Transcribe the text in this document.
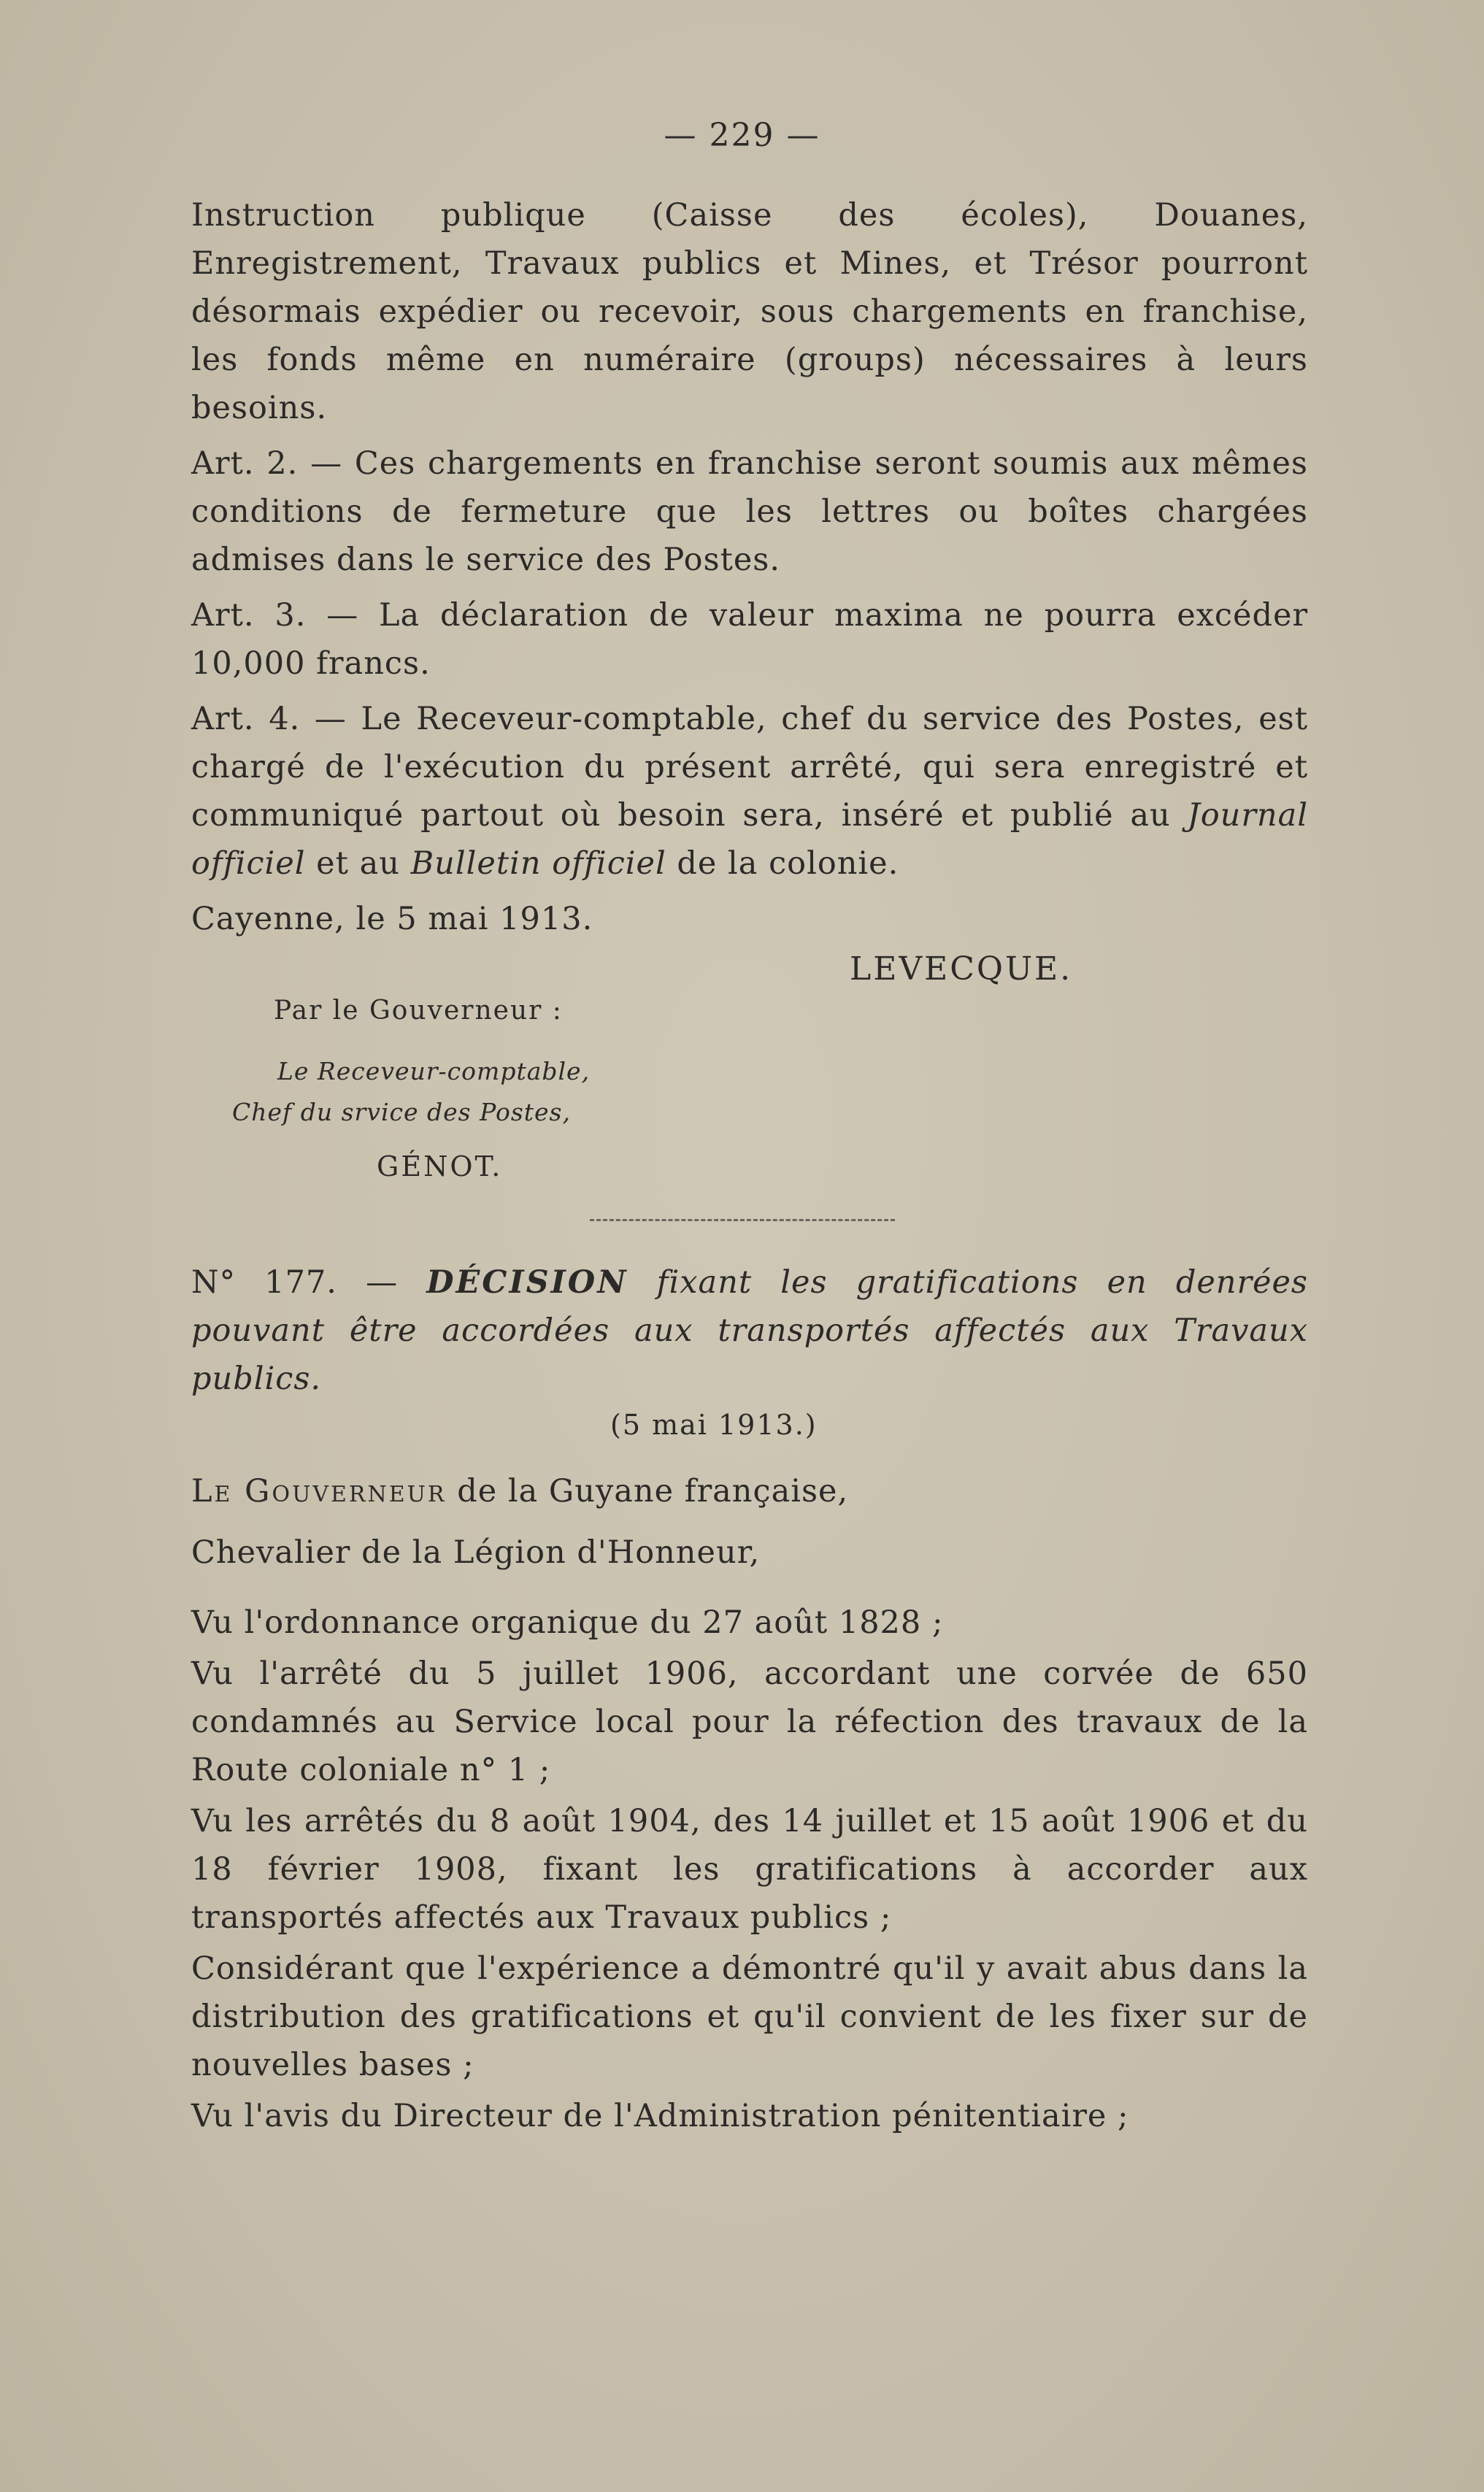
— 229 —

Instruction publique (Caisse des écoles), Douanes, Enregistrement, Travaux publics et Mines, et Trésor pourront désormais expédier ou recevoir, sous chargements en franchise, les fonds même en numéraire (groups) nécessaires à leurs besoins.

Art. 2. — Ces chargements en franchise seront soumis aux mêmes conditions de fermeture que les lettres ou boîtes chargées admises dans le service des Postes.

Art. 3. — La déclaration de valeur maxima ne pourra excéder 10,000 francs.

Art. 4. — Le Receveur-comptable, chef du service des Postes, est chargé de l'exécution du présent arrêté, qui sera enregistré et communiqué partout où besoin sera, inséré et publié au Journal officiel et au Bulletin officiel de la colonie.

Cayenne, le 5 mai 1913.

LEVECQUE.
Par le Gouverneur :
Le Receveur-comptable,
Chef du srvice des Postes,
GÉNOT.

N° 177. — DÉCISION fixant les gratifications en denrées pouvant être accordées aux transportés affectés aux Travaux publics.

(5 mai 1913.)

Le Gouverneur de la Guyane française,

Chevalier de la Légion d'Honneur,

Vu l'ordonnance organique du 27 août 1828 ;

Vu l'arrêté du 5 juillet 1906, accordant une corvée de 650 condamnés au Service local pour la réfection des travaux de la Route coloniale n° 1 ;

Vu les arrêtés du 8 août 1904, des 14 juillet et 15 août 1906 et du 18 février 1908, fixant les gratifications à accorder aux transportés affectés aux Travaux publics ;

Considérant que l'expérience a démontré qu'il y avait abus dans la distribution des gratifications et qu'il convient de les fixer sur de nouvelles bases ;

Vu l'avis du Directeur de l'Administration pénitentiaire ;
